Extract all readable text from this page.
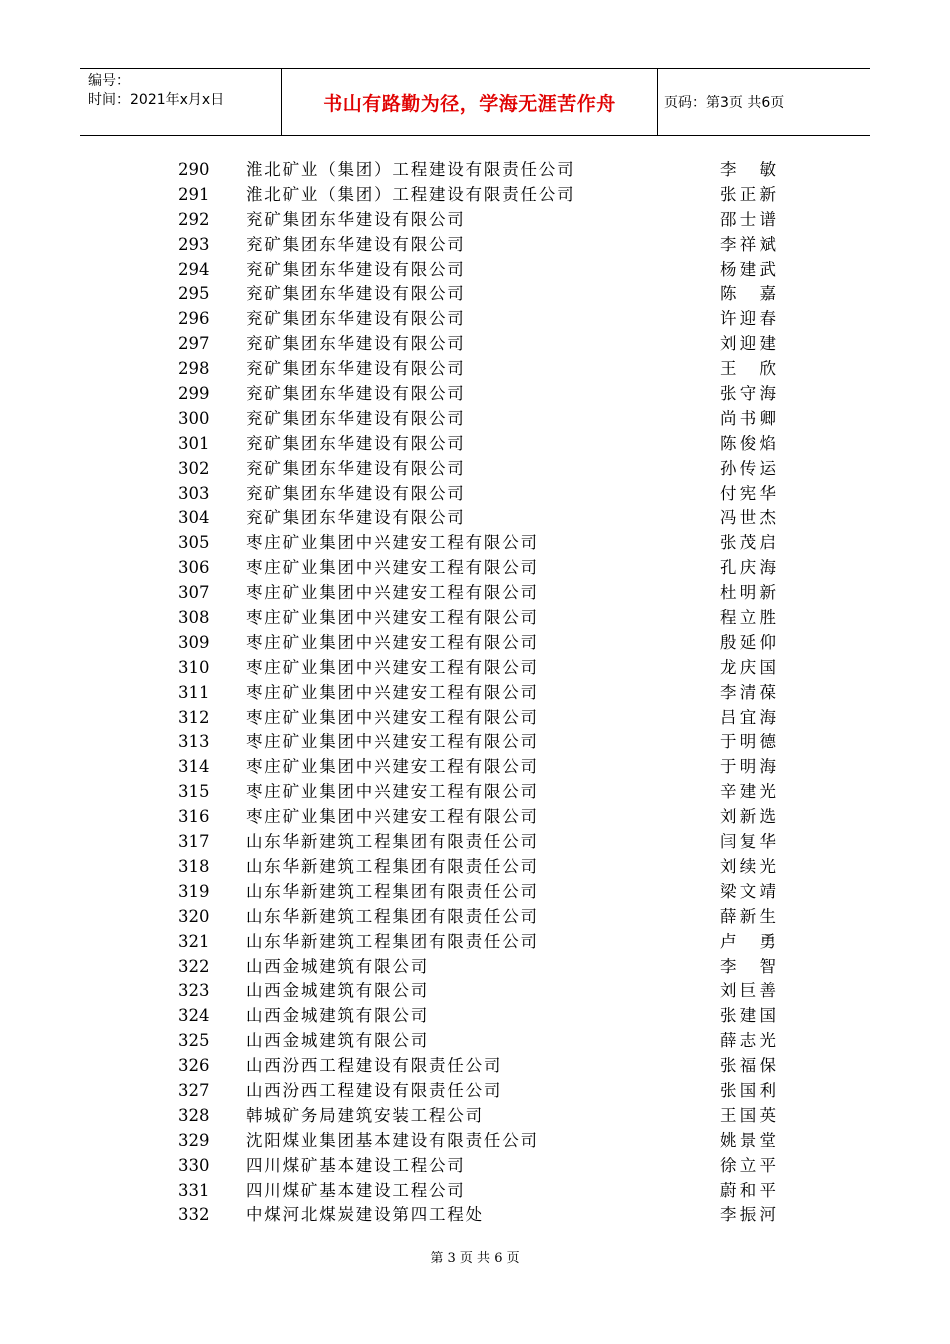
编号：
时间：2021年x月x日	书山有路勤为径，学海无涯苦作舟	页码：第3页 共6页
290	淮北矿业（集团）工程建设有限责任公司	李 敏
291	淮北矿业（集团）工程建设有限责任公司	张正新
292	兖矿集团东华建设有限公司	邵士谱
293	兖矿集团东华建设有限公司	李祥斌
294	兖矿集团东华建设有限公司	杨建武
295	兖矿集团东华建设有限公司	陈 嘉
296	兖矿集团东华建设有限公司	许迎春
297	兖矿集团东华建设有限公司	刘迎建
298	兖矿集团东华建设有限公司	王 欣
299	兖矿集团东华建设有限公司	张守海
300	兖矿集团东华建设有限公司	尚书卿
301	兖矿集团东华建设有限公司	陈俊焰
302	兖矿集团东华建设有限公司	孙传运
303	兖矿集团东华建设有限公司	付宪华
304	兖矿集团东华建设有限公司	冯世杰
305	枣庄矿业集团中兴建安工程有限公司	张茂启
306	枣庄矿业集团中兴建安工程有限公司	孔庆海
307	枣庄矿业集团中兴建安工程有限公司	杜明新
308	枣庄矿业集团中兴建安工程有限公司	程立胜
309	枣庄矿业集团中兴建安工程有限公司	殷延仰
310	枣庄矿业集团中兴建安工程有限公司	龙庆国
311	枣庄矿业集团中兴建安工程有限公司	李清葆
312	枣庄矿业集团中兴建安工程有限公司	吕宜海
313	枣庄矿业集团中兴建安工程有限公司	于明德
314	枣庄矿业集团中兴建安工程有限公司	于明海
315	枣庄矿业集团中兴建安工程有限公司	辛建光
316	枣庄矿业集团中兴建安工程有限公司	刘新选
317	山东华新建筑工程集团有限责任公司	闫复华
318	山东华新建筑工程集团有限责任公司	刘续光
319	山东华新建筑工程集团有限责任公司	梁文靖
320	山东华新建筑工程集团有限责任公司	薛新生
321	山东华新建筑工程集团有限责任公司	卢 勇
322	山西金城建筑有限公司	李 智
323	山西金城建筑有限公司	刘巨善
324	山西金城建筑有限公司	张建国
325	山西金城建筑有限公司	薛志光
326	山西汾西工程建设有限责任公司	张福保
327	山西汾西工程建设有限责任公司	张国利
328	韩城矿务局建筑安装工程公司	王国英
329	沈阳煤业集团基本建设有限责任公司	姚景堂
330	四川煤矿基本建设工程公司	徐立平
331	四川煤矿基本建设工程公司	蔚和平
332	中煤河北煤炭建设第四工程处	李振河
第 3 页 共 6 页
